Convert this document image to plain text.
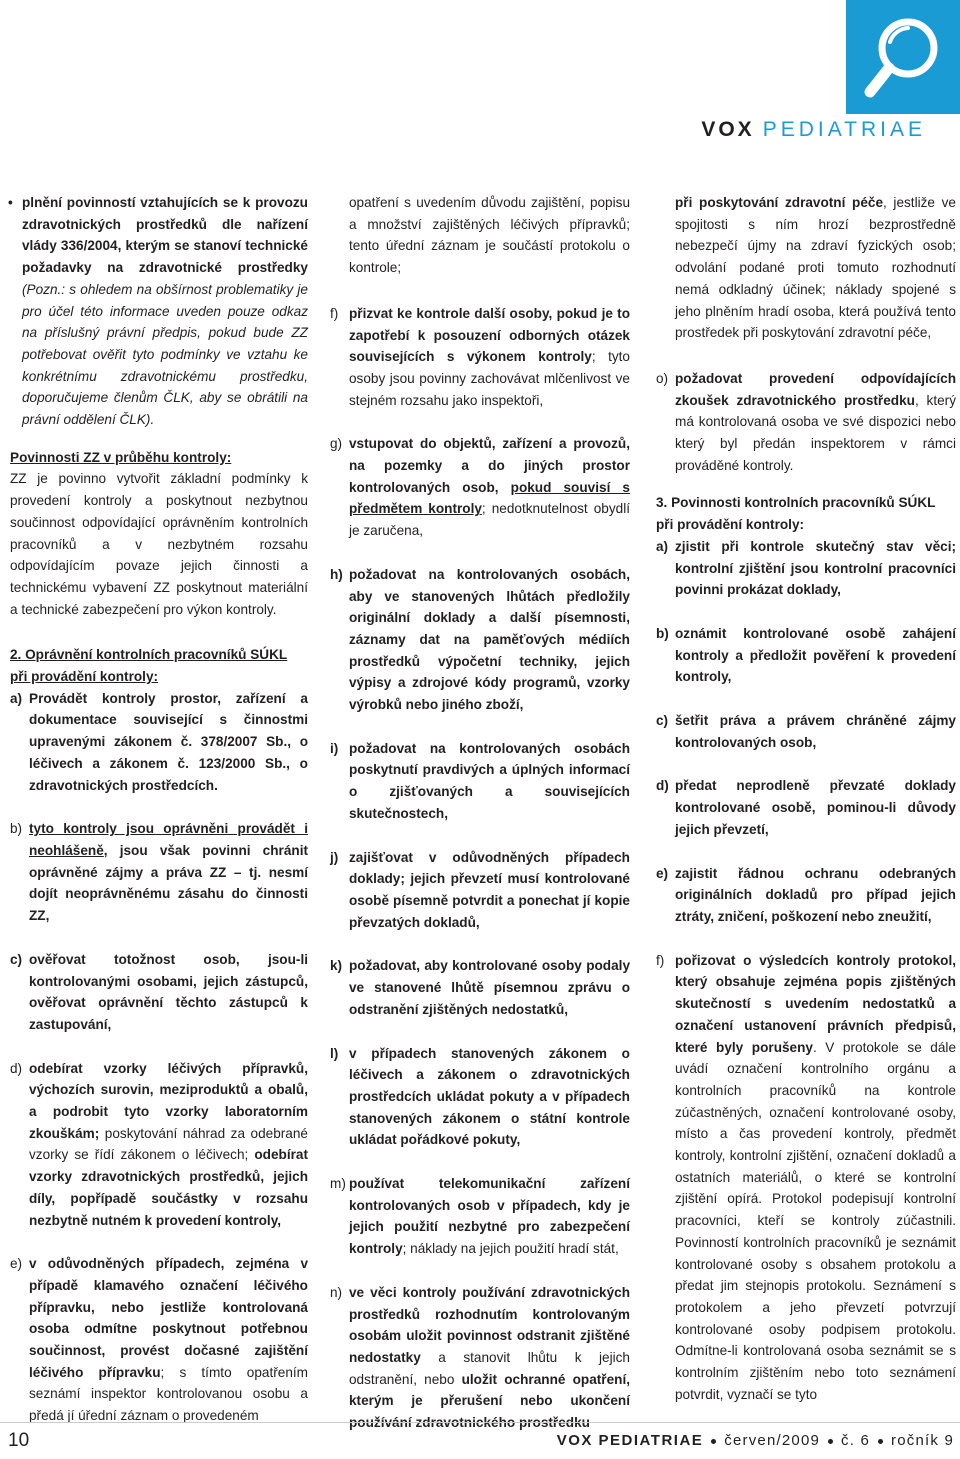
VOX PEDIATRIAE

• plnění povinností vztahujících se k provozu zdravotnických prostředků dle nařízení vlády 336/2004, kterým se stanoví technické požadavky na zdravotnické prostředky (Pozn.: s ohledem na obšírnost problematiky je pro účel této informace uveden pouze odkaz na příslušný právní předpis, pokud bude ZZ potřebovat ověřit tyto podmínky ve vztahu ke konkrétnímu zdravotnickému prostředku, doporučujeme členům ČLK, aby se obrátili na právní oddělení ČLK).

Povinnosti ZZ v průběhu kontroly:

ZZ je povinno vytvořit základní podmínky k provedení kontroly a poskytnout nezbytnou součinnost odpovídající oprávněním kontrolních pracovníků a v nezbytném rozsahu odpovídajícím povaze jejich činnosti a technickému vybavení ZZ poskytnout materiální a technické zabezpečení pro výkon kontroly.

2. Oprávnění kontrolních pracovníků SÚKL

při provádění kontroly:

a) Provádět kontroly prostor, zařízení a dokumentace související s činnostmi upravenými zákonem č. 378/2007 Sb., o léčivech a zákonem č. 123/2000 Sb., o zdravotnických prostředcích.

b) tyto kontroly jsou oprávněni provádět i neohlášeně, jsou však povinni chránit oprávněné zájmy a práva ZZ – tj. nesmí dojít neoprávněnému zásahu do činnosti ZZ,

c) ověřovat totožnost osob, jsou-li kontrolovanými osobami, jejich zástupců, ověřovat oprávnění těchto zástupců k zastupování,

d) odebírat vzorky léčivých přípravků, výchozích surovin, meziproduktů a obalů, a podrobit tyto vzorky laboratorním zkouškám; poskytování náhrad za odebrané vzorky se řídí zákonem o léčivech; odebírat vzorky zdravotnických prostředků, jejich díly, popřípadě součástky v rozsahu nezbytně nutném k provedení kontroly,

e) v odůvodněných případech, zejména v případě klamavého označení léčivého přípravku, nebo jestliže kontrolovaná osoba odmítne poskytnout potřebnou součinnost, provést dočasné zajištění léčivého přípravku; s tímto opatřením seznámí inspektor kontrolovanou osobu a předá jí úřední záznam o provedeném

opatření s uvedením důvodu zajištění, popisu a množství zajištěných léčivých přípravků; tento úřední záznam je součástí protokolu o kontrole;

f) přizvat ke kontrole další osoby, pokud je to zapotřebí k posouzení odborných otázek souvisejících s výkonem kontroly; tyto osoby jsou povinny zachovávat mlčenlivost ve stejném rozsahu jako inspektoři,

g) vstupovat do objektů, zařízení a provozů, na pozemky a do jiných prostor kontrolovaných osob, pokud souvisí s předmětem kontroly; nedotknutelnost obydlí je zaručena,

h) požadovat na kontrolovaných osobách, aby ve stanovených lhůtách předložily originální doklady a další písemnosti, záznamy dat na paměťových médiích prostředků výpočetní techniky, jejich výpisy a zdrojové kódy programů, vzorky výrobků nebo jiného zboží,

i) požadovat na kontrolovaných osobách poskytnutí pravdivých a úplných informací o zjišťovaných a souvisejících skutečnostech,

j) zajišťovat v odůvodněných případech doklady; jejich převzetí musí kontrolované osobě písemně potvrdit a ponechat jí kopie převzatých dokladů,

k) požadovat, aby kontrolované osoby podaly ve stanovené lhůtě písemnou zprávu o odstranění zjištěných nedostatků,

l) v případech stanovených zákonem o léčivech a zákonem o zdravotnických prostředcích ukládat pokuty a v případech stanovených zákonem o státní kontrole ukládat pořádkové pokuty,

m) používat telekomunikační zařízení kontrolovaných osob v případech, kdy je jejich použití nezbytné pro zabezpečení kontroly; náklady na jejich použití hradí stát,

n) ve věci kontroly používání zdravotnických prostředků rozhodnutím kontrolovaným osobám uložit povinnost odstranit zjištěné nedostatky a stanovit lhůtu k jejich odstranění, nebo uložit ochranné opatření, kterým je přerušení nebo ukončení používání zdravotnického prostředku

při poskytování zdravotní péče, jestliže ve spojitosti s ním hrozí bezprostředně nebezpečí újmy na zdraví fyzických osob; odvolání podané proti tomuto rozhodnutí nemá odkladný účinek; náklady spojené s jeho plněním hradí osoba, která používá tento prostředek při poskytování zdravotní péče,

o) požadovat provedení odpovídajících zkoušek zdravotnického prostředku, který má kontrolovaná osoba ve své dispozici nebo který byl předán inspektorem v rámci prováděné kontroly.

3. Povinnosti kontrolních pracovníků SÚKL

při provádění kontroly:

a) zjistit při kontrole skutečný stav věci; kontrolní zjištění jsou kontrolní pracovníci povinni prokázat doklady,

b) oznámit kontrolované osobě zahájení kontroly a předložit pověření k provedení kontroly,

c) šetřit práva a právem chráněné zájmy kontrolovaných osob,

d) předat neprodleně převzaté doklady kontrolované osobě, pominou-li důvody jejich převzetí,

e) zajistit řádnou ochranu odebraných originálních dokladů pro případ jejich ztráty, zničení, poškození nebo zneužití,

f) pořizovat o výsledcích kontroly protokol, který obsahuje zejména popis zjištěných skutečností s uvedením nedostatků a označení ustanovení právních předpisů, které byly porušeny. V protokole se dále uvádí označení kontrolního orgánu a kontrolních pracovníků na kontrole zúčastněných, označení kontrolované osoby, místo a čas provedení kontroly, předmět kontroly, kontrolní zjištění, označení dokladů a ostatních materiálů, o které se kontrolní zjištění opírá. Protokol podepisují kontrolní pracovníci, kteří se kontroly zúčastnili. Povinností kontrolních pracovníků je seznámit kontrolované osoby s obsahem protokolu a předat jim stejnopis protokolu. Seznámení s protokolem a jeho převzetí potvrzují kontrolované osoby podpisem protokolu. Odmítne-li kontrolovaná osoba seznámit se s kontrolním zjištěním nebo toto seznámení potvrdit, vyznačí se tyto

10	VOX PEDIATRIAE červen/2009 č. 6 ročník 9
